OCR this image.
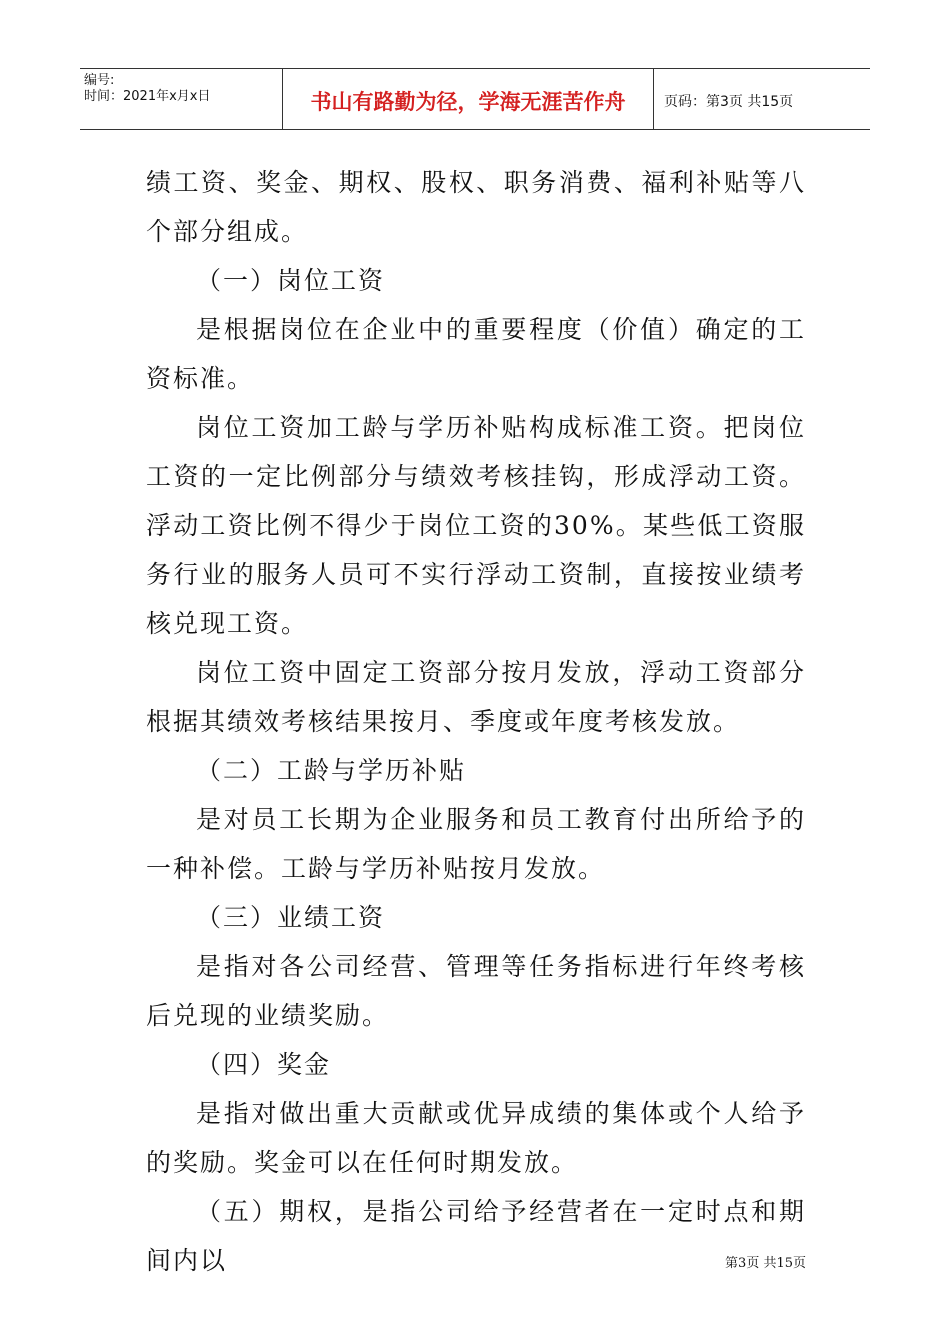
编号:
时间：2021年x月x日	书山有路勤为径，学海无涯苦作舟	页码：第3页 共15页

绩工资、奖金、期权、股权、职务消费、福利补贴等八个部分组成。

（一）岗位工资

是根据岗位在企业中的重要程度（价值）确定的工资标准。

岗位工资加工龄与学历补贴构成标准工资。把岗位工资的一定比例部分与绩效考核挂钩，形成浮动工资。浮动工资比例不得少于岗位工资的30%。某些低工资服务行业的服务人员可不实行浮动工资制，直接按业绩考核兑现工资。

岗位工资中固定工资部分按月发放，浮动工资部分根据其绩效考核结果按月、季度或年度考核发放。

（二）工龄与学历补贴

是对员工长期为企业服务和员工教育付出所给予的一种补偿。工龄与学历补贴按月发放。

（三）业绩工资

是指对各公司经营、管理等任务指标进行年终考核后兑现的业绩奖励。

（四）奖金

是指对做出重大贡献或优异成绩的集体或个人给予的奖励。奖金可以在任何时期发放。

（五）期权，是指公司给予经营者在一定时点和期间内以	第3页 共15页
